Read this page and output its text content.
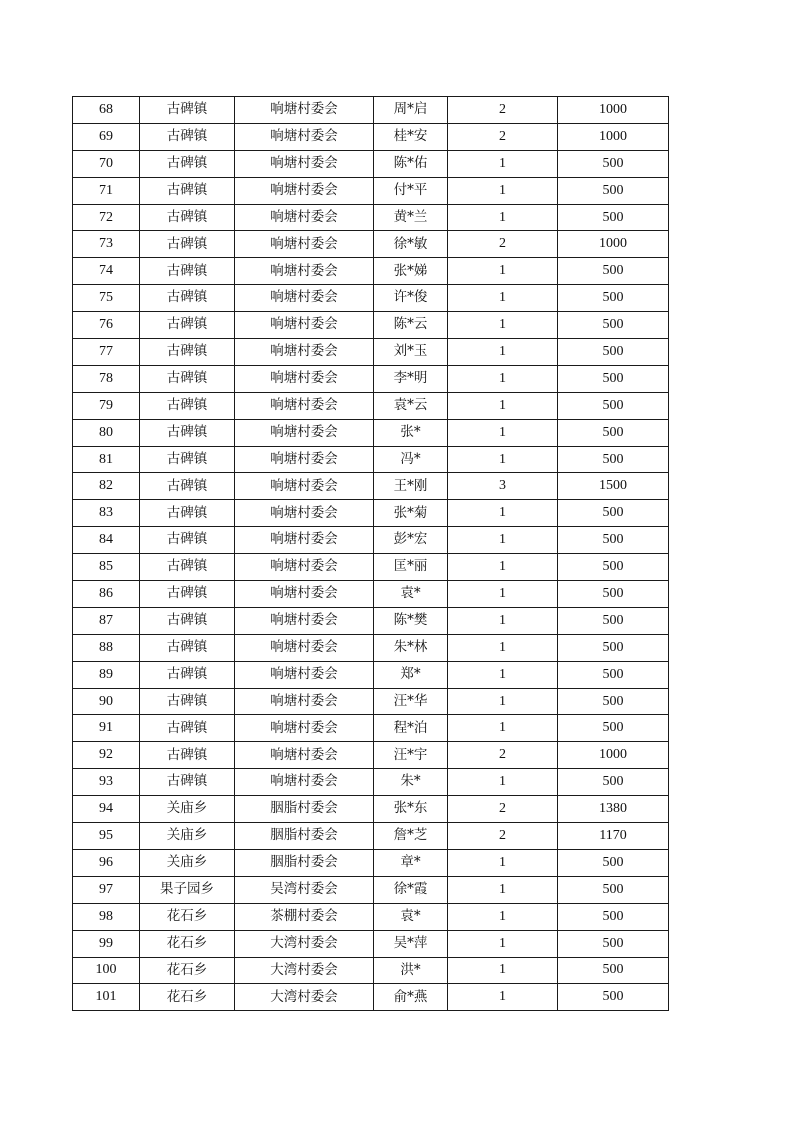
68	古碑镇	响塘村委会	周*启	2	1000
69	古碑镇	响塘村委会	桂*安	2	1000
70	古碑镇	响塘村委会	陈*佑	1	500
71	古碑镇	响塘村委会	付*平	1	500
72	古碑镇	响塘村委会	黄*兰	1	500
73	古碑镇	响塘村委会	徐*敏	2	1000
74	古碑镇	响塘村委会	张*娣	1	500
75	古碑镇	响塘村委会	许*俊	1	500
76	古碑镇	响塘村委会	陈*云	1	500
77	古碑镇	响塘村委会	刘*玉	1	500
78	古碑镇	响塘村委会	李*明	1	500
79	古碑镇	响塘村委会	袁*云	1	500
80	古碑镇	响塘村委会	张*	1	500
81	古碑镇	响塘村委会	冯*	1	500
82	古碑镇	响塘村委会	王*刚	3	1500
83	古碑镇	响塘村委会	张*菊	1	500
84	古碑镇	响塘村委会	彭*宏	1	500
85	古碑镇	响塘村委会	匡*丽	1	500
86	古碑镇	响塘村委会	袁*	1	500
87	古碑镇	响塘村委会	陈*樊	1	500
88	古碑镇	响塘村委会	朱*林	1	500
89	古碑镇	响塘村委会	郑*	1	500
90	古碑镇	响塘村委会	汪*华	1	500
91	古碑镇	响塘村委会	程*泊	1	500
92	古碑镇	响塘村委会	汪*宇	2	1000
93	古碑镇	响塘村委会	朱*	1	500
94	关庙乡	胭脂村委会	张*东	2	1380
95	关庙乡	胭脂村委会	詹*芝	2	1170
96	关庙乡	胭脂村委会	章*	1	500
97	果子园乡	吴湾村委会	徐*霞	1	500
98	花石乡	茶棚村委会	袁*	1	500
99	花石乡	大湾村委会	吴*萍	1	500
100	花石乡	大湾村委会	洪*	1	500
101	花石乡	大湾村委会	俞*燕	1	500
